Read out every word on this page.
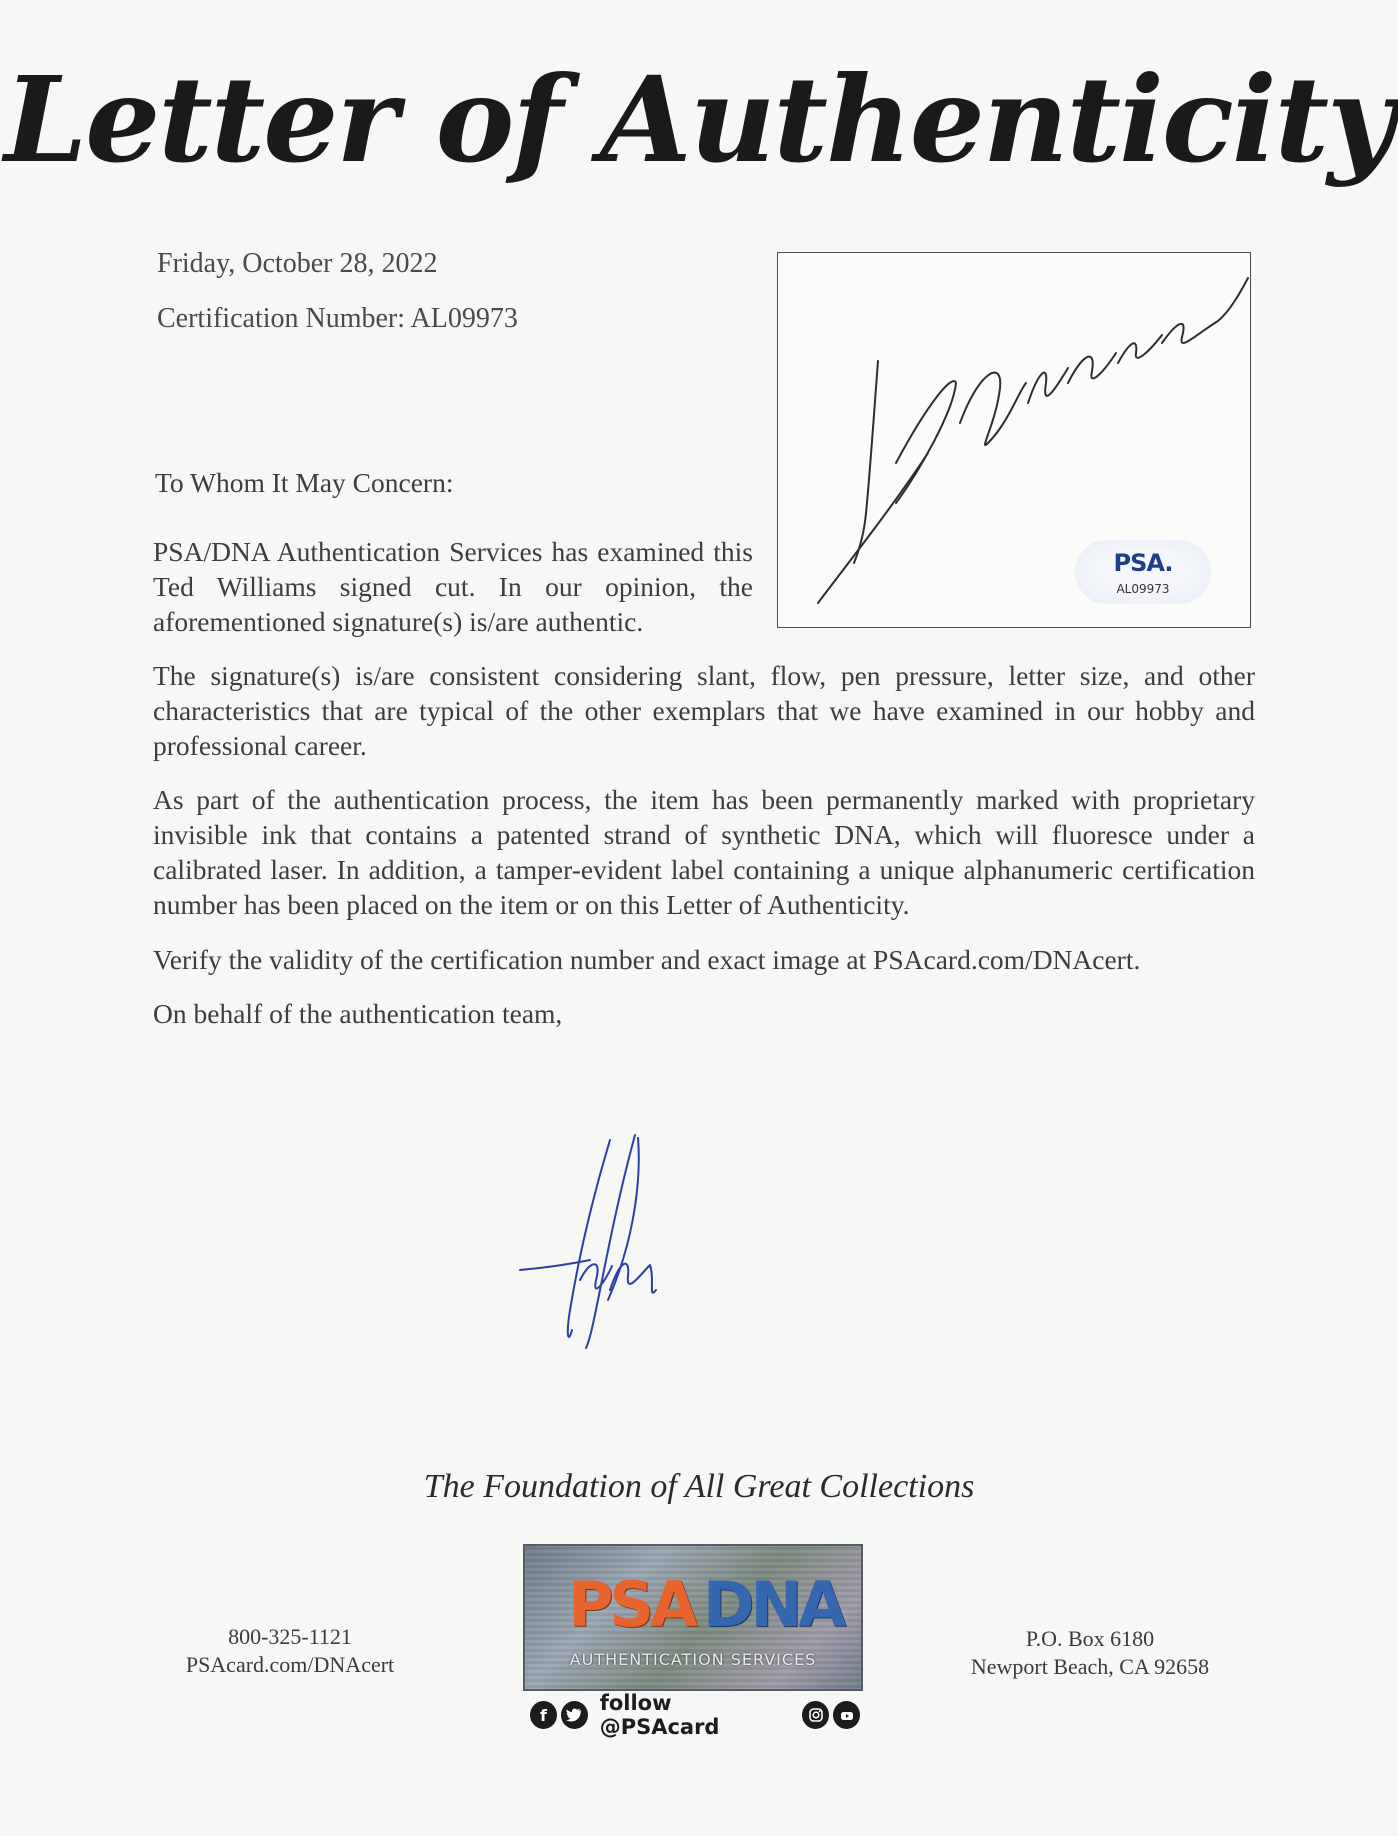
Letter of Authenticity
Friday, October 28, 2022
Certification Number: AL09973
PSA.
AL09973
To Whom It May Concern:
PSA/DNA Authentication Services has examined this Ted Williams signed cut. In our opinion, the aforementioned signature(s) is/are authentic.
The signature(s) is/are consistent considering slant, flow, pen pressure, letter size, and other characteristics that are typical of the other exemplars that we have examined in our hobby and professional career.
As part of the authentication process, the item has been permanently marked with proprietary invisible ink that contains a patented strand of synthetic DNA, which will fluoresce under a calibrated laser. In addition, a tamper-evident label containing a unique alphanumeric certification number has been placed on the item or on this Letter of Authenticity.
Verify the validity of the certification number and exact image at PSAcard.com/DNAcert.
On behalf of the authentication team,
The Foundation of All Great Collections
800-325-1121
PSAcard.com/DNAcert
PSA DNA
AUTHENTICATION SERVICES
f	follow @PSAcard
P.O. Box 6180
Newport Beach, CA 92658
